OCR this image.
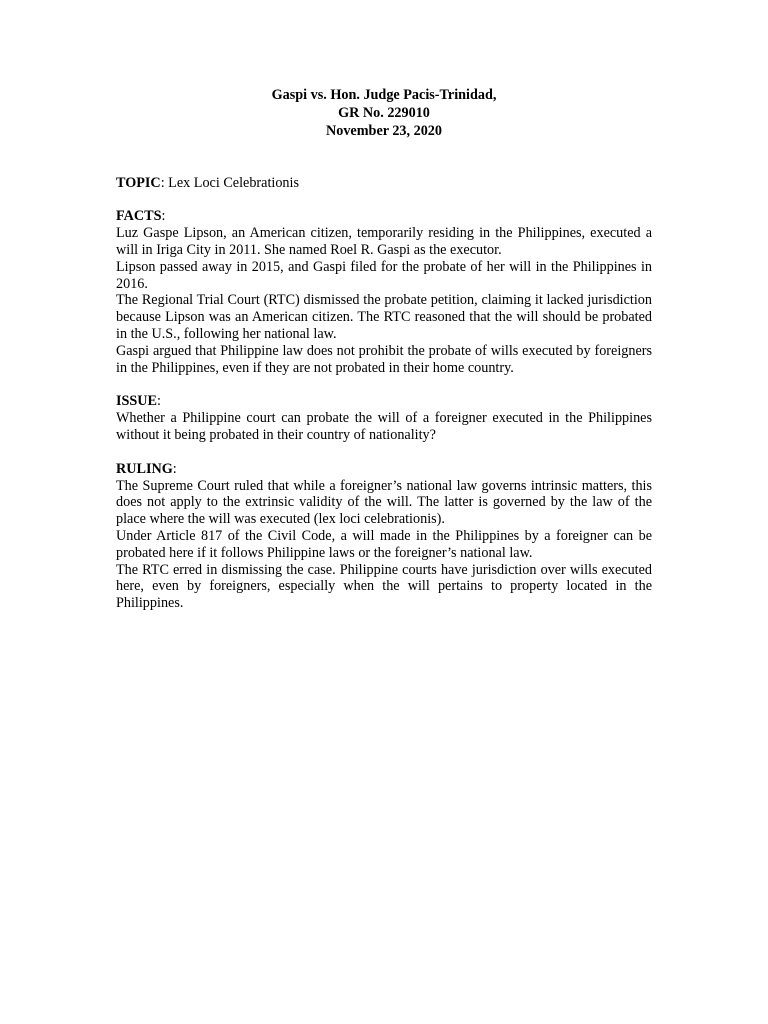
Gaspi vs. Hon. Judge Pacis-Trinidad,
GR No. 229010
November 23, 2020
TOPIC: Lex Loci Celebrationis
FACTS:
Luz Gaspe Lipson, an American citizen, temporarily residing in the Philippines, executed a will in Iriga City in 2011. She named Roel R. Gaspi as the executor.
Lipson passed away in 2015, and Gaspi filed for the probate of her will in the Philippines in 2016.
The Regional Trial Court (RTC) dismissed the probate petition, claiming it lacked jurisdiction because Lipson was an American citizen. The RTC reasoned that the will should be probated in the U.S., following her national law.
Gaspi argued that Philippine law does not prohibit the probate of wills executed by foreigners in the Philippines, even if they are not probated in their home country.
ISSUE:
Whether a Philippine court can probate the will of a foreigner executed in the Philippines without it being probated in their country of nationality?
RULING:
The Supreme Court ruled that while a foreigner’s national law governs intrinsic matters, this does not apply to the extrinsic validity of the will. The latter is governed by the law of the place where the will was executed (lex loci celebrationis).
Under Article 817 of the Civil Code, a will made in the Philippines by a foreigner can be probated here if it follows Philippine laws or the foreigner’s national law.
The RTC erred in dismissing the case. Philippine courts have jurisdiction over wills executed here, even by foreigners, especially when the will pertains to property located in the Philippines.
